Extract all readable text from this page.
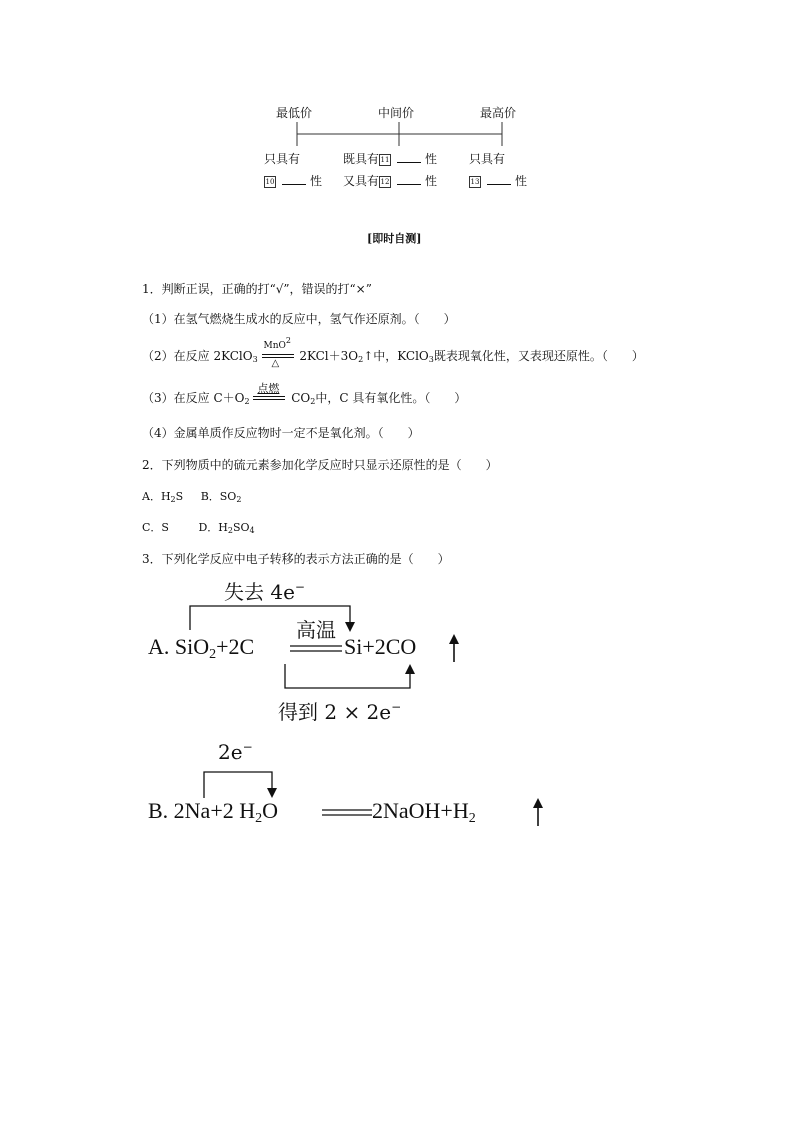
最低价	中间价	最高价
只具有	既具有 11	性	只具有
10	性 又具有 12	性	13	性
[即时自测]
1．判断正误，正确的打“√”，错误的打“×”
（1）在氢气燃烧生成水的反应中，氢气作还原剂。（　　）
（2）在反应 2KClO$_3$
MnO2
△ $2KCl+3O_2↑$中，KClO$_3$既表现氧化性，又表现还原性。（　　）
（3）在反应 $C+O_2$
点燃
$CO_2$中，C 具有氧化性。（　　）
（4）金属单质作反应物时一定不是氧化剂。（　　）
2．下列物质中的硫元素参加化学反应时只显示还原性的是（　　）
A．$H_2S$ B．$SO_2$
C．S	D．$H_2SO_4$
3．下列化学反应中电子转移的表示方法正确的是（　　）
失去 4e−
高温
A. SiO2+2C	Si+2CO
得到 2 × 2e−
2e−
B. 2Na+2 H2O	2NaOH+H2
